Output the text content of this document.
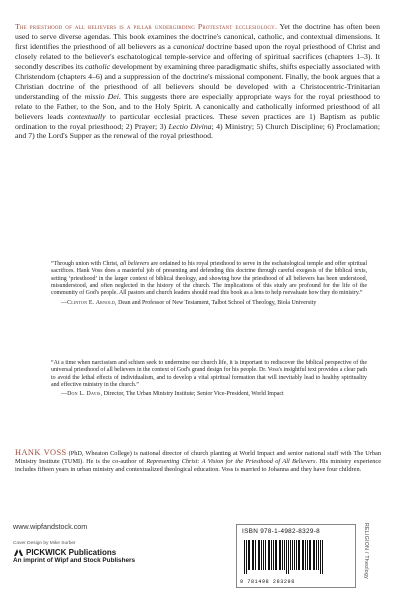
The priesthood of all believers is a pillar undergirding Protestant ecclesiology. Yet the doctrine has often been used to serve diverse agendas. This book examines the doctrine's canonical, catholic, and contextual dimensions. It first identifies the priesthood of all believers as a canonical doctrine based upon the royal priesthood of Christ and closely related to the believer's eschatological temple-service and offering of spiritual sacrifices (chapters 1–3). It secondly describes its catholic development by examining three paradigmatic shifts, shifts especially associated with Christendom (chapters 4–6) and a suppression of the doctrine's missional component. Finally, the book argues that a Christian doctrine of the priesthood of all believers should be developed with a Christocentric-Trinitarian understanding of the missio Dei. This suggests there are especially appropriate ways for the royal priesthood to relate to the Father, to the Son, and to the Holy Spirit. A canonically and catholically informed priesthood of all believers leads contextually to particular ecclesial practices. These seven practices are 1) Baptism as public ordination to the royal priesthood; 2) Prayer; 3) Lectio Divina; 4) Ministry; 5) Church Discipline; 6) Proclamation; and 7) the Lord's Supper as the renewal of the royal priesthood.
“Through union with Christ, all believers are ordained to his royal priesthood to serve in the eschatological temple and offer spiritual sacrifices. Hank Voss does a masterful job of presenting and defending this doctrine through careful exegesis of the biblical texts, setting ‘priesthood’ in the larger context of biblical theology, and showing how the priesthood of all believers has been understood, misunderstood, and often neglected in the history of the church. The implications of this study are profound for the life of the community of God's people. All pastors and church leaders should read this book as a lens to help reevaluate how they do ministry.”
—Clinton E. Arnold, Dean and Professor of New Testament, Talbot School of Theology, Biola University
“At a time when narcissism and schism seek to undermine our church life, it is important to rediscover the biblical perspective of the universal priesthood of all believers in the context of God's grand design for his people. Dr. Voss's insightful text provides a clear path to avoid the lethal effects of individualism, and to develop a vital spiritual formation that will inevitably lead to healthy spirituality and effective ministry in the church.”
—Don L. Davis, Director, The Urban Ministry Institute; Senior Vice-President, World Impact
HANK VOSS (PhD, Wheaton College) is national director of church planting at World Impact and senior national staff with The Urban Ministry Institute (TUMI). He is the co-author of Representing Christ: A Vision for the Priesthood of All Believers. His ministry experience includes fifteen years in urban ministry and contextualized theological education. Voss is married to Johanna and they have four children.
www.wipfandstock.com
Cover Design by Mike Surber
PICKWICK Publications
An imprint of Wipf and Stock Publishers
ISBN 978-1-4982-8329-8
9 781498 283298
RELIGION / Theology
